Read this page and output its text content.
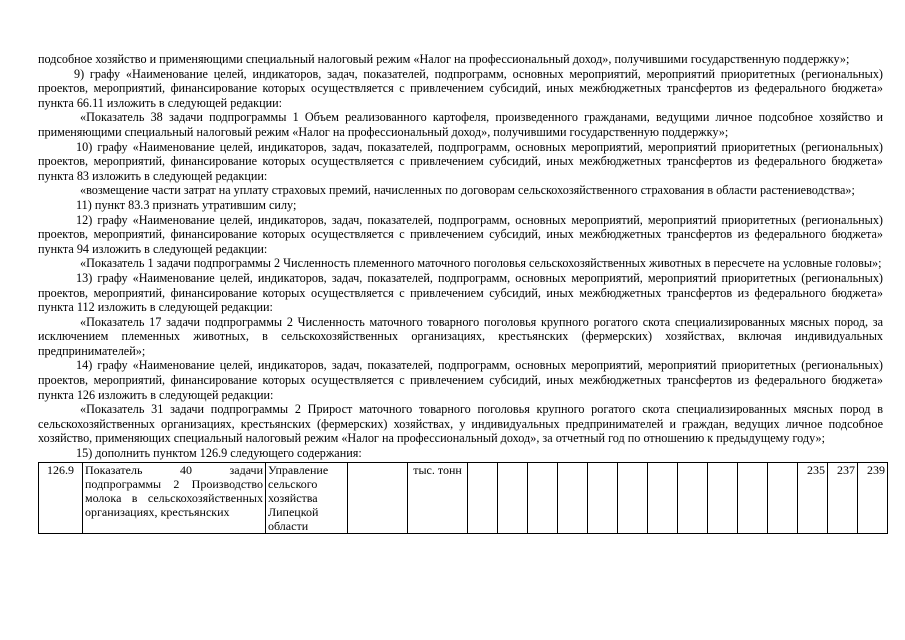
подсобное хозяйство и применяющими специальный налоговый режим «Налог на профессиональный доход», получившими государственную поддержку»;

9) графу «Наименование целей, индикаторов, задач, показателей, подпрограмм, основных мероприятий, мероприятий приоритетных (региональных) проектов, мероприятий, финансирование которых осуществляется с привлечением субсидий, иных межбюджетных трансфертов из федерального бюджета» пункта 66.11 изложить в следующей редакции:

«Показатель 38 задачи подпрограммы 1 Объем реализованного картофеля, произведенного гражданами, ведущими личное подсобное хозяйство и применяющими специальный налоговый режим «Налог на профессиональный доход», получившими государственную поддержку»;

10) графу «Наименование целей, индикаторов, задач, показателей, подпрограмм, основных мероприятий, мероприятий приоритетных (региональных) проектов, мероприятий, финансирование которых осуществляется с привлечением субсидий, иных межбюджетных трансфертов из федерального бюджета» пункта 83 изложить в следующей редакции:

«возмещение части затрат на уплату страховых премий, начисленных по договорам сельскохозяйственного страхования в области растениеводства»;

11) пункт 83.3 признать утратившим силу;

12) графу «Наименование целей, индикаторов, задач, показателей, подпрограмм, основных мероприятий, мероприятий приоритетных (региональных) проектов, мероприятий, финансирование которых осуществляется с привлечением субсидий, иных межбюджетных трансфертов из федерального бюджета» пункта 94 изложить в следующей редакции:

«Показатель 1 задачи подпрограммы 2 Численность племенного маточного поголовья сельскохозяйственных животных в пересчете на условные головы»;

13) графу «Наименование целей, индикаторов, задач, показателей, подпрограмм, основных мероприятий, мероприятий приоритетных (региональных) проектов, мероприятий, финансирование которых осуществляется с привлечением субсидий, иных межбюджетных трансфертов из федерального бюджета» пункта 112 изложить в следующей редакции:

«Показатель 17 задачи подпрограммы 2 Численность маточного товарного поголовья крупного рогатого скота специализированных мясных пород, за исключением племенных животных, в сельскохозяйственных организациях, крестьянских (фермерских) хозяйствах, включая индивидуальных предпринимателей»;

14) графу «Наименование целей, индикаторов, задач, показателей, подпрограмм, основных мероприятий, мероприятий приоритетных (региональных) проектов, мероприятий, финансирование которых осуществляется с привлечением субсидий, иных межбюджетных трансфертов из федерального бюджета» пункта 126 изложить в следующей редакции:

«Показатель 31 задачи подпрограммы 2 Прирост маточного товарного поголовья крупного рогатого скота специализированных мясных пород в сельскохозяйственных организациях, крестьянских (фермерских) хозяйствах, у индивидуальных предпринимателей и граждан, ведущих личное подсобное хозяйство, применяющих специальный налоговый режим «Налог на профессиональный доход», за отчетный год по отношению к предыдущему году»;

15) дополнить пунктом 126.9 следующего содержания:

126.9	Показатель 40 задачи подпрограммы 2 Производство молока в сельскохозяйственных организациях, крестьянских	Управление сельского хозяйства Липецкой области		тыс. тонн												235	237	239
